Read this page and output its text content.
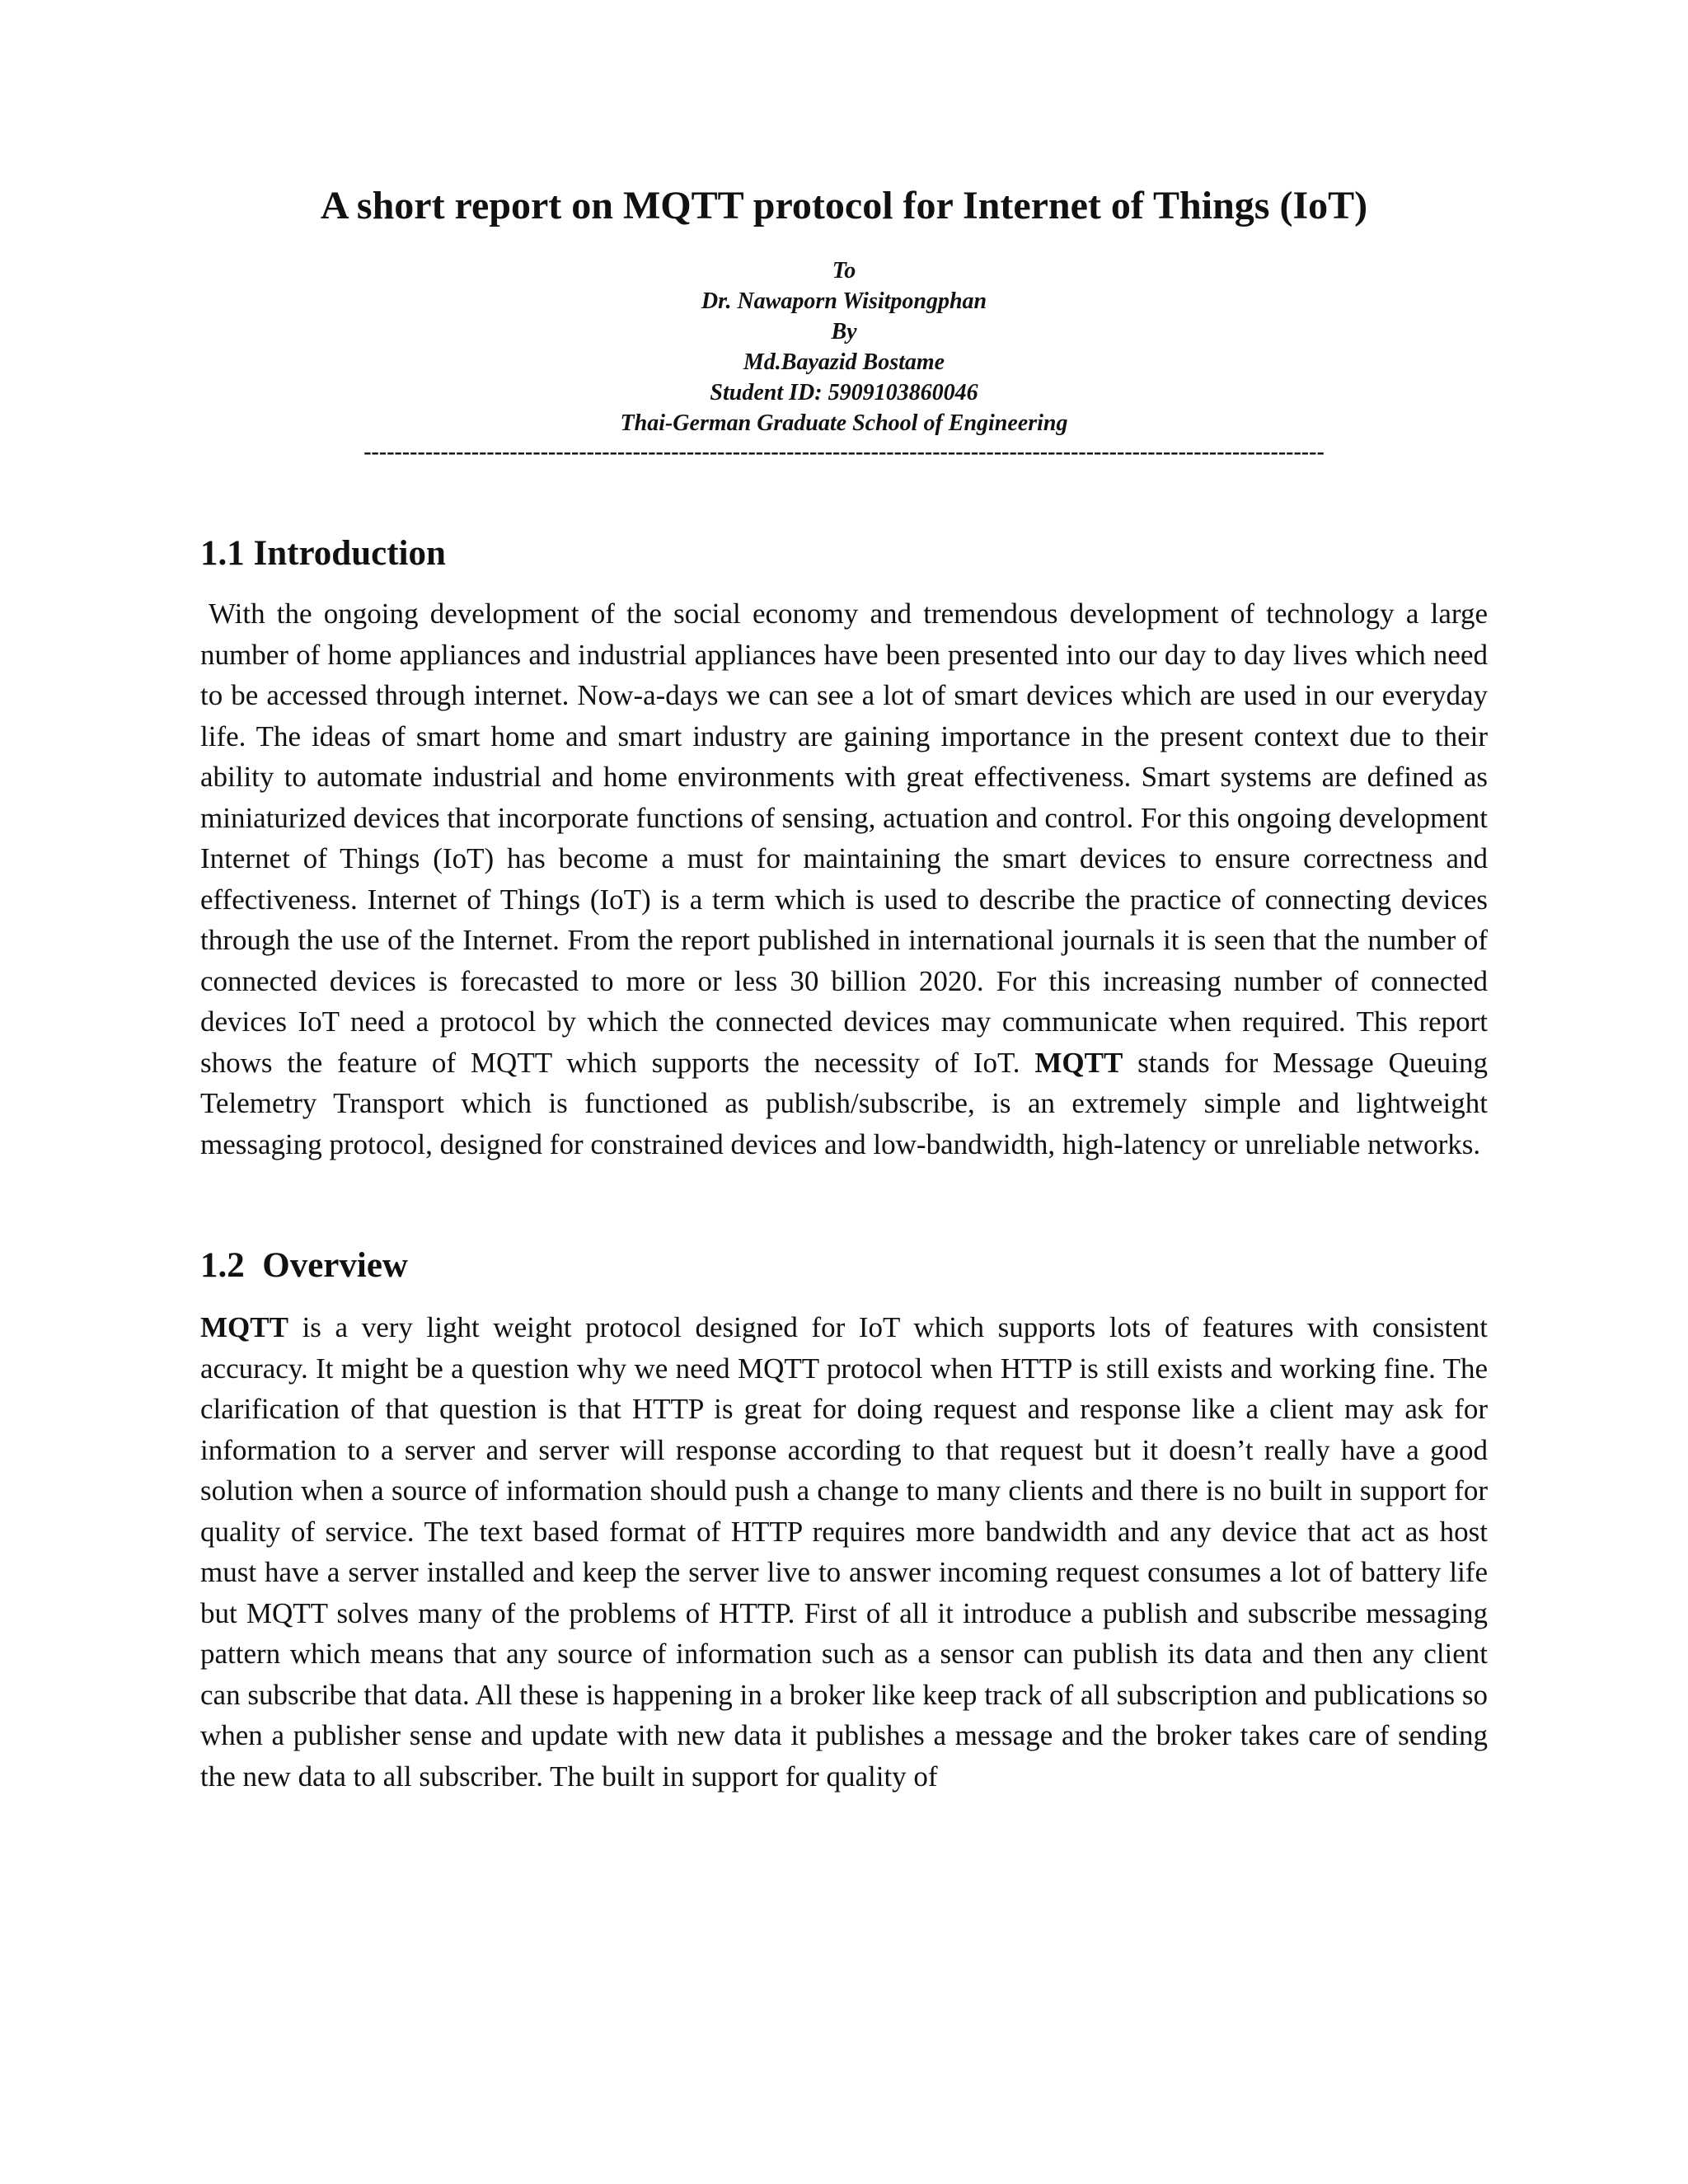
A short report on MQTT protocol for Internet of Things (IoT)
To
Dr. Nawaporn Wisitpongphan
By
Md.Bayazid Bostame
Student ID: 5909103860046
Thai-German Graduate School of Engineering
-----------------------------------------------------------------------------------------------------------------------------
1.1 Introduction

With the ongoing development of the social economy and tremendous development of technology a large number of home appliances and industrial appliances have been presented into our day to day lives which need to be accessed through internet. Now-a-days we can see a lot of smart devices which are used in our everyday life. The ideas of smart home and smart industry are gaining importance in the present context due to their ability to automate industrial and home environments with great effectiveness. Smart systems are defined as miniaturized devices that incorporate functions of sensing, actuation and control. For this ongoing development Internet of Things (IoT) has become a must for maintaining the smart devices to ensure correctness and effectiveness. Internet of Things (IoT) is a term which is used to describe the practice of connecting devices through the use of the Internet. From the report published in international journals it is seen that the number of connected devices is forecasted to more or less 30 billion 2020. For this increasing number of connected devices IoT need a protocol by which the connected devices may communicate when required. This report shows the feature of MQTT which supports the necessity of IoT. MQTT stands for Message Queuing Telemetry Transport which is functioned as publish/subscribe, is an extremely simple and lightweight messaging protocol, designed for constrained devices and low-bandwidth, high-latency or unreliable networks.

1.2  Overview

MQTT is a very light weight protocol designed for IoT which supports lots of features with consistent accuracy. It might be a question why we need MQTT protocol when HTTP is still exists and working fine. The clarification of that question is that HTTP is great for doing request and response like a client may ask for information to a server and server will response according to that request but it doesn’t really have a good solution when a source of information should push a change to many clients and there is no built in support for quality of service. The text based format of HTTP requires more bandwidth and any device that act as host must have a server installed and keep the server live to answer incoming request consumes a lot of battery life but MQTT solves many of the problems of HTTP. First of all it introduce a publish and subscribe messaging pattern which means that any source of information such as a sensor can publish its data and then any client can subscribe that data. All these is happening in a broker like keep track of all subscription and publications so when a publisher sense and update with new data it publishes a message and the broker takes care of sending the new data to all subscriber. The built in support for quality of
